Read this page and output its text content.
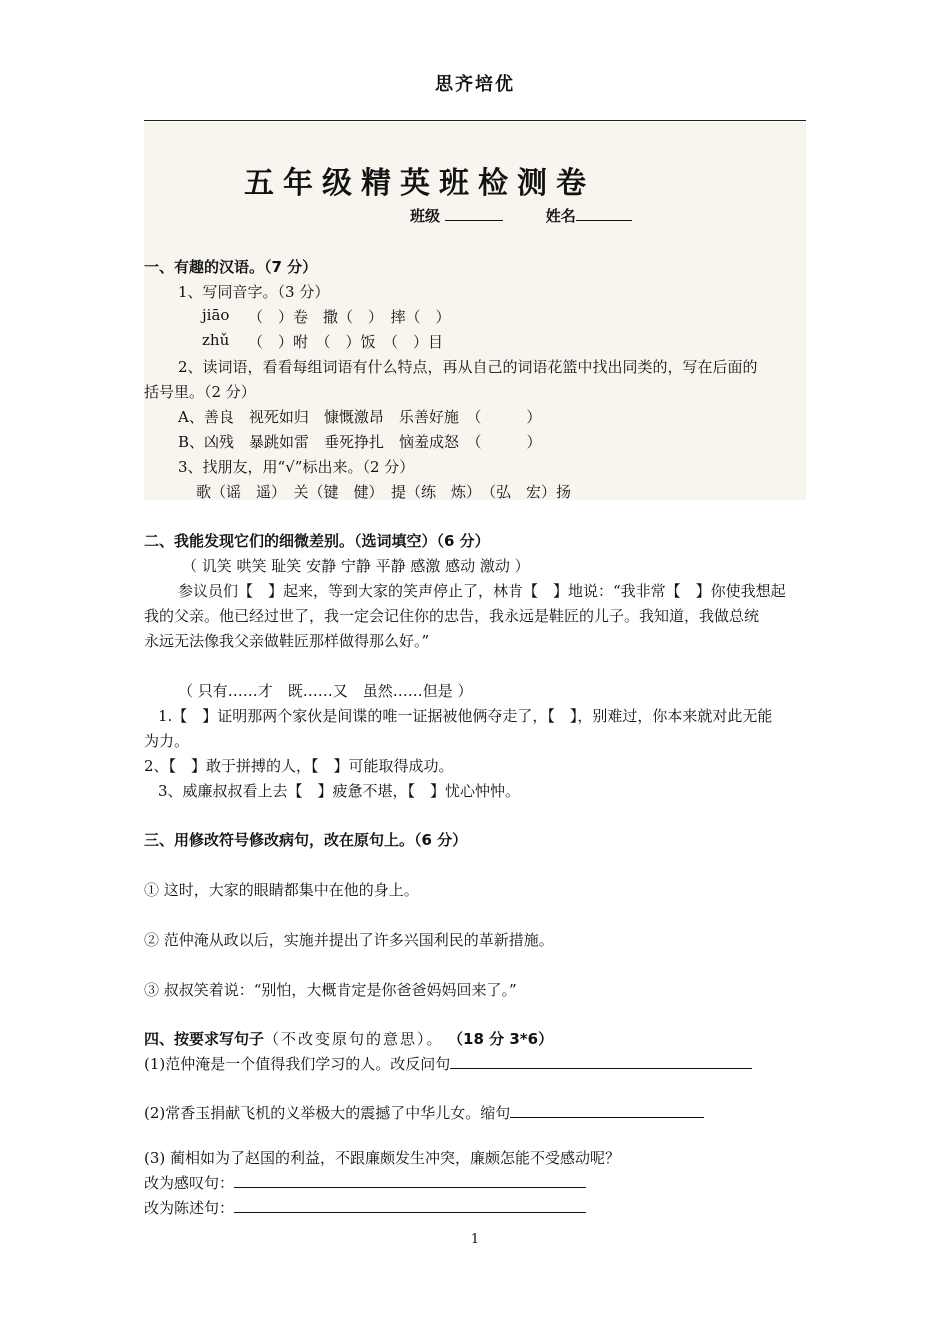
思齐培优
五年级精英班检测卷
班级	姓名
一、有趣的汉语。（7 分）
1、写同音字。（3 分）
jiāo （　）卷　撒（　）　摔（　）
zhǔ （　）咐　（　）饭　（　）目
2、读词语，看看每组词语有什么特点，再从自己的词语花篮中找出同类的，写在后面的
括号里。（2 分）
A、善良　视死如归　慷慨激昂　乐善好施　（　　　）
B、凶残　暴跳如雷　垂死挣扎　恼羞成怒　（　　　）
3、找朋友，用“√”标出来。（2 分）
歌（谣　遥）　关（键　健）　提（练　炼）　（弘　宏）扬
二、我能发现它们的细微差别。（选词填空）（6 分）
（ 讥笑 哄笑 耻笑 安静 宁静 平静 感激 感动 激动 ）
参议员们【　】起来，等到大家的笑声停止了，林肯【　】地说：“我非常【　】你使我想起
我的父亲。他已经过世了，我一定会记住你的忠告，我永远是鞋匠的儿子。我知道，我做总统
永远无法像我父亲做鞋匠那样做得那么好。”
（ 只有……才　既……又　虽然……但是 ）
1.【　】证明那两个家伙是间谍的唯一证据被他俩夺走了，【　】，别难过，你本来就对此无能
为力。
2、【　】敢于拼搏的人，【　】可能取得成功。
3、威廉叔叔看上去【　】疲惫不堪，【　】忧心忡忡。
三、用修改符号修改病句，改在原句上。（6 分）
① 这时，大家的眼睛都集中在他的身上。
② 范仲淹从政以后，实施并提出了许多兴国利民的革新措施。
③ 叔叔笑着说：“别怕，大概肯定是你爸爸妈妈回来了。”
四、按要求写句子（不改变原句的意思）。 （18 分 3*6）
(1)范仲淹是一个值得我们学习的人。改反问句
(2)常香玉捐献飞机的义举极大的震撼了中华儿女。缩句
(3) 蔺相如为了赵国的利益，不跟廉颇发生冲突，廉颇怎能不受感动呢？
改为感叹句：
改为陈述句：
1
